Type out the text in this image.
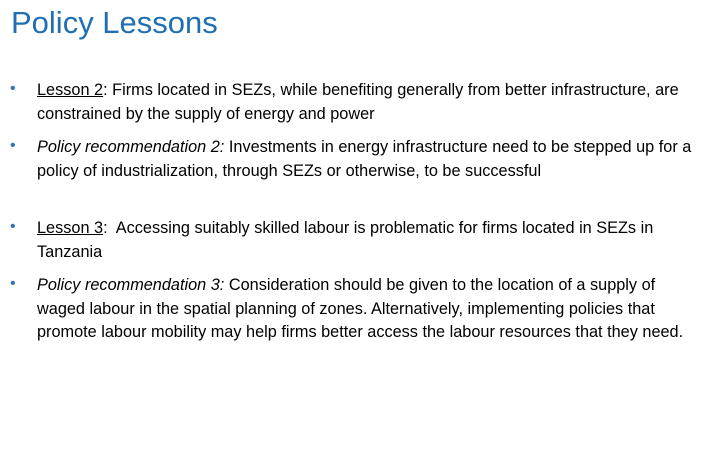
Policy Lessons
• Lesson 2: Firms located in SEZs, while benefiting generally from better infrastructure, are constrained by the supply of energy and power
• Policy recommendation 2: Investments in energy infrastructure need to be stepped up for a policy of industrialization, through SEZs or otherwise, to be successful
• Lesson 3:  Accessing suitably skilled labour is problematic for firms located in SEZs in Tanzania
• Policy recommendation 3: Consideration should be given to the location of a supply of waged labour in the spatial planning of zones. Alternatively, implementing policies that promote labour mobility may help firms better access the labour resources that they need.
